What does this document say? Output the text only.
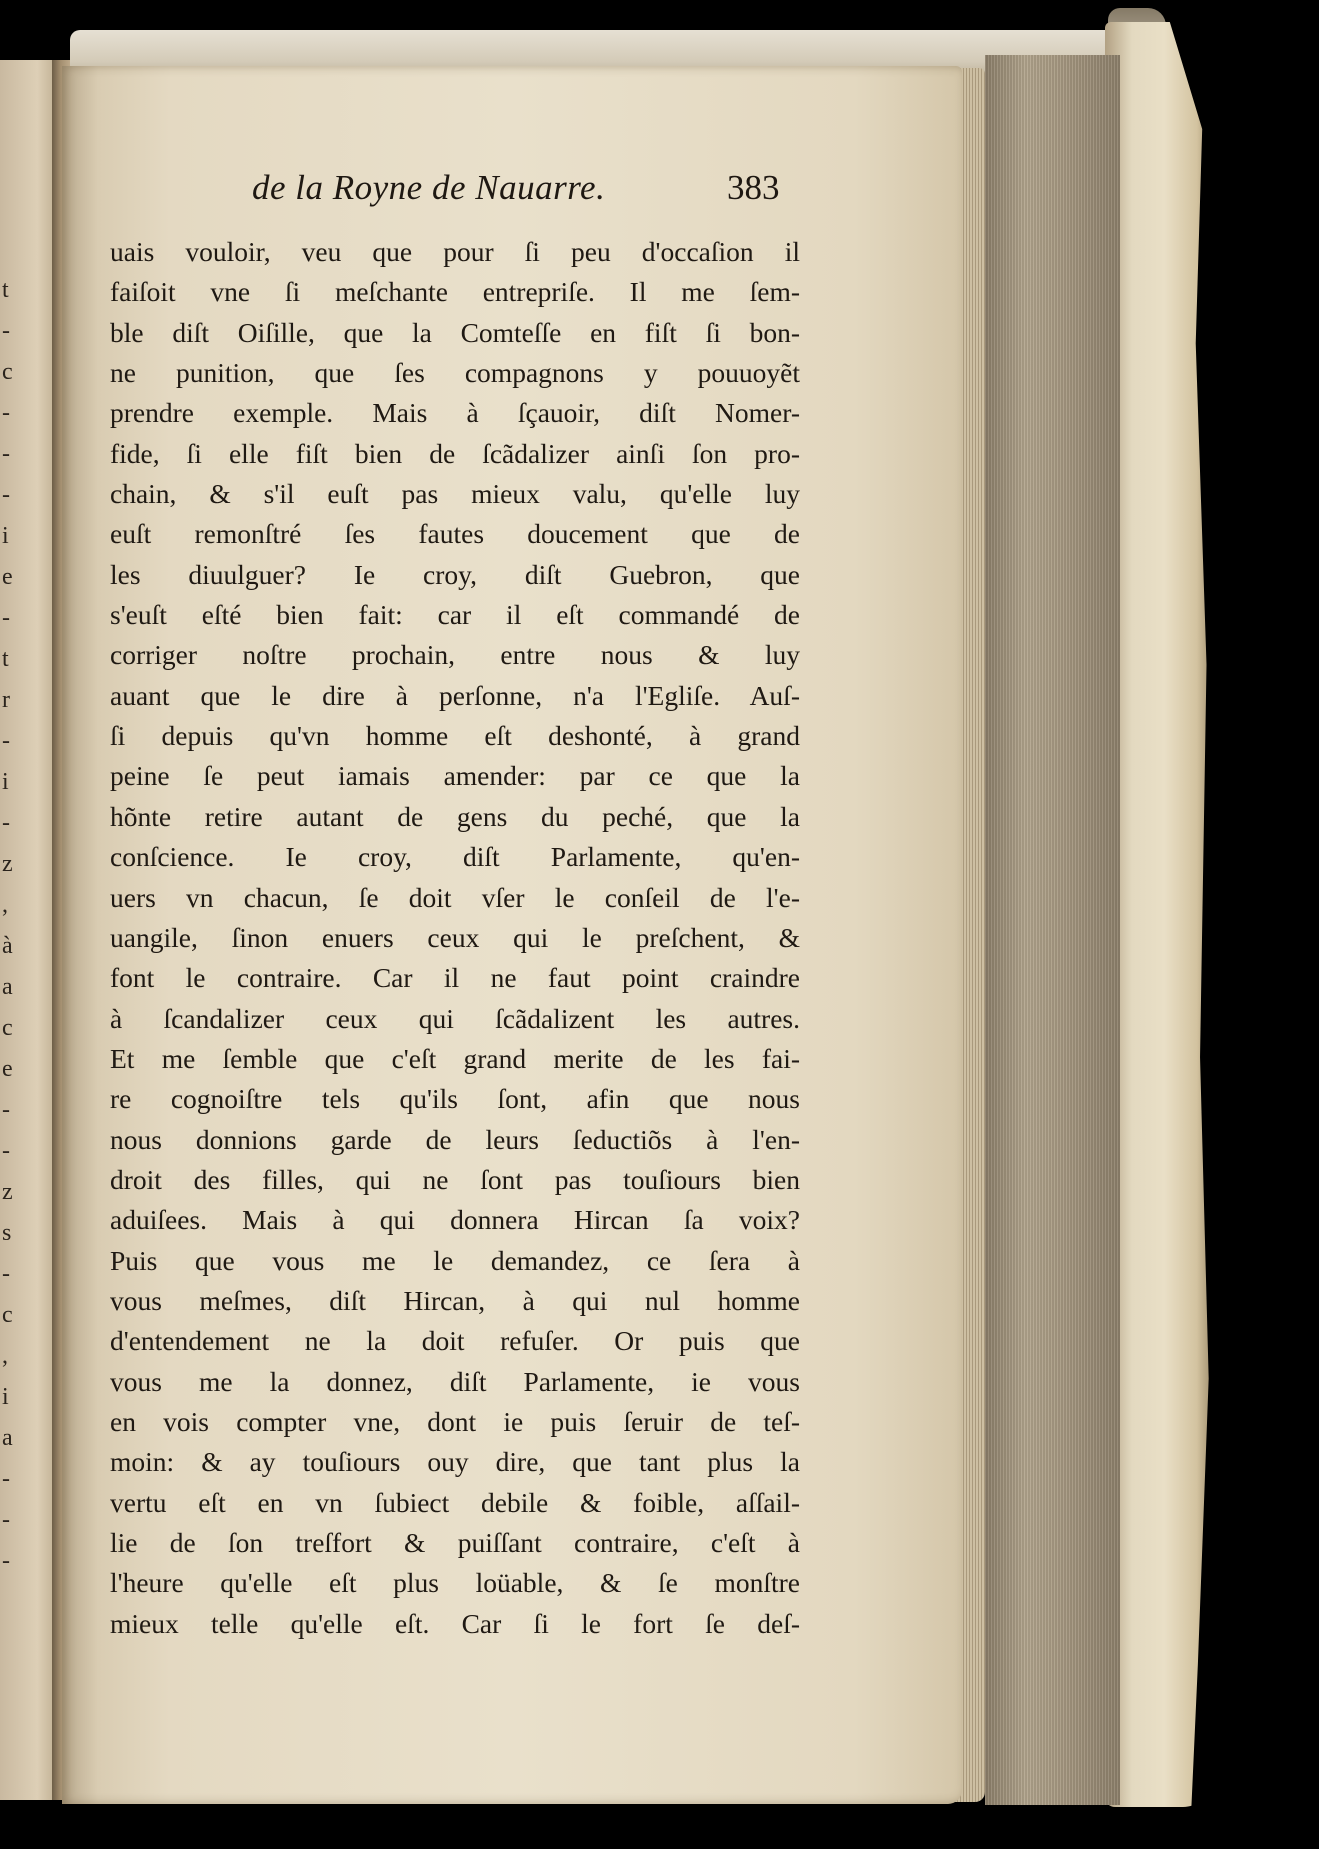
t
-
c
-
-
-
i
e
-
t
r
-
i
-
z
,
à
a
c
e
-
-
z
s
-
c
,
i
a
-
-
-
de la Royne de Nauarre.	383
uais vouloir, veu que pour ſi peu d'occaſion il
faiſoit vne ſi meſchante entrepriſe. Il me ſem-
ble diſt Oiſille, que la Comteſſe en fiſt ſi bon-
ne punition, que ſes compagnons y pouuoyẽt
prendre exemple. Mais à ſçauoir, diſt Nomer-
fide, ſi elle fiſt bien de ſcãdalizer ainſi ſon pro-
chain, & s'il euſt pas mieux valu, qu'elle luy
euſt remonſtré ſes fautes doucement que de
les diuulguer? Ie croy, diſt Guebron, que
s'euſt eſté bien fait: car il eſt commandé de
corriger noſtre prochain, entre nous & luy
auant que le dire à perſonne, n'a l'Egliſe. Auſ-
ſi depuis qu'vn homme eſt deshonté, à grand
peine ſe peut iamais amender: par ce que la
hõnte retire autant de gens du peché, que la
conſcience. Ie croy, diſt Parlamente, qu'en-
uers vn chacun, ſe doit vſer le conſeil de l'e-
uangile, ſinon enuers ceux qui le preſchent, &
font le contraire. Car il ne faut point craindre
à ſcandalizer ceux qui ſcãdalizent les autres.
Et me ſemble que c'eſt grand merite de les fai-
re cognoiſtre tels qu'ils ſont, afin que nous
nous donnions garde de leurs ſeductiõs à l'en-
droit des filles, qui ne ſont pas touſiours bien
aduiſees. Mais à qui donnera Hircan ſa voix?
Puis que vous me le demandez, ce ſera à
vous meſmes, diſt Hircan, à qui nul homme
d'entendement ne la doit refuſer. Or puis que
vous me la donnez, diſt Parlamente, ie vous
en vois compter vne, dont ie puis ſeruir de teſ-
moin: & ay touſiours ouy dire, que tant plus la
vertu eſt en vn ſubiect debile & foible, aſſail-
lie de ſon treſfort & puiſſant contraire, c'eſt à
l'heure qu'elle eſt plus loüable, & ſe monſtre
mieux telle qu'elle eſt. Car ſi le fort ſe deſ-
